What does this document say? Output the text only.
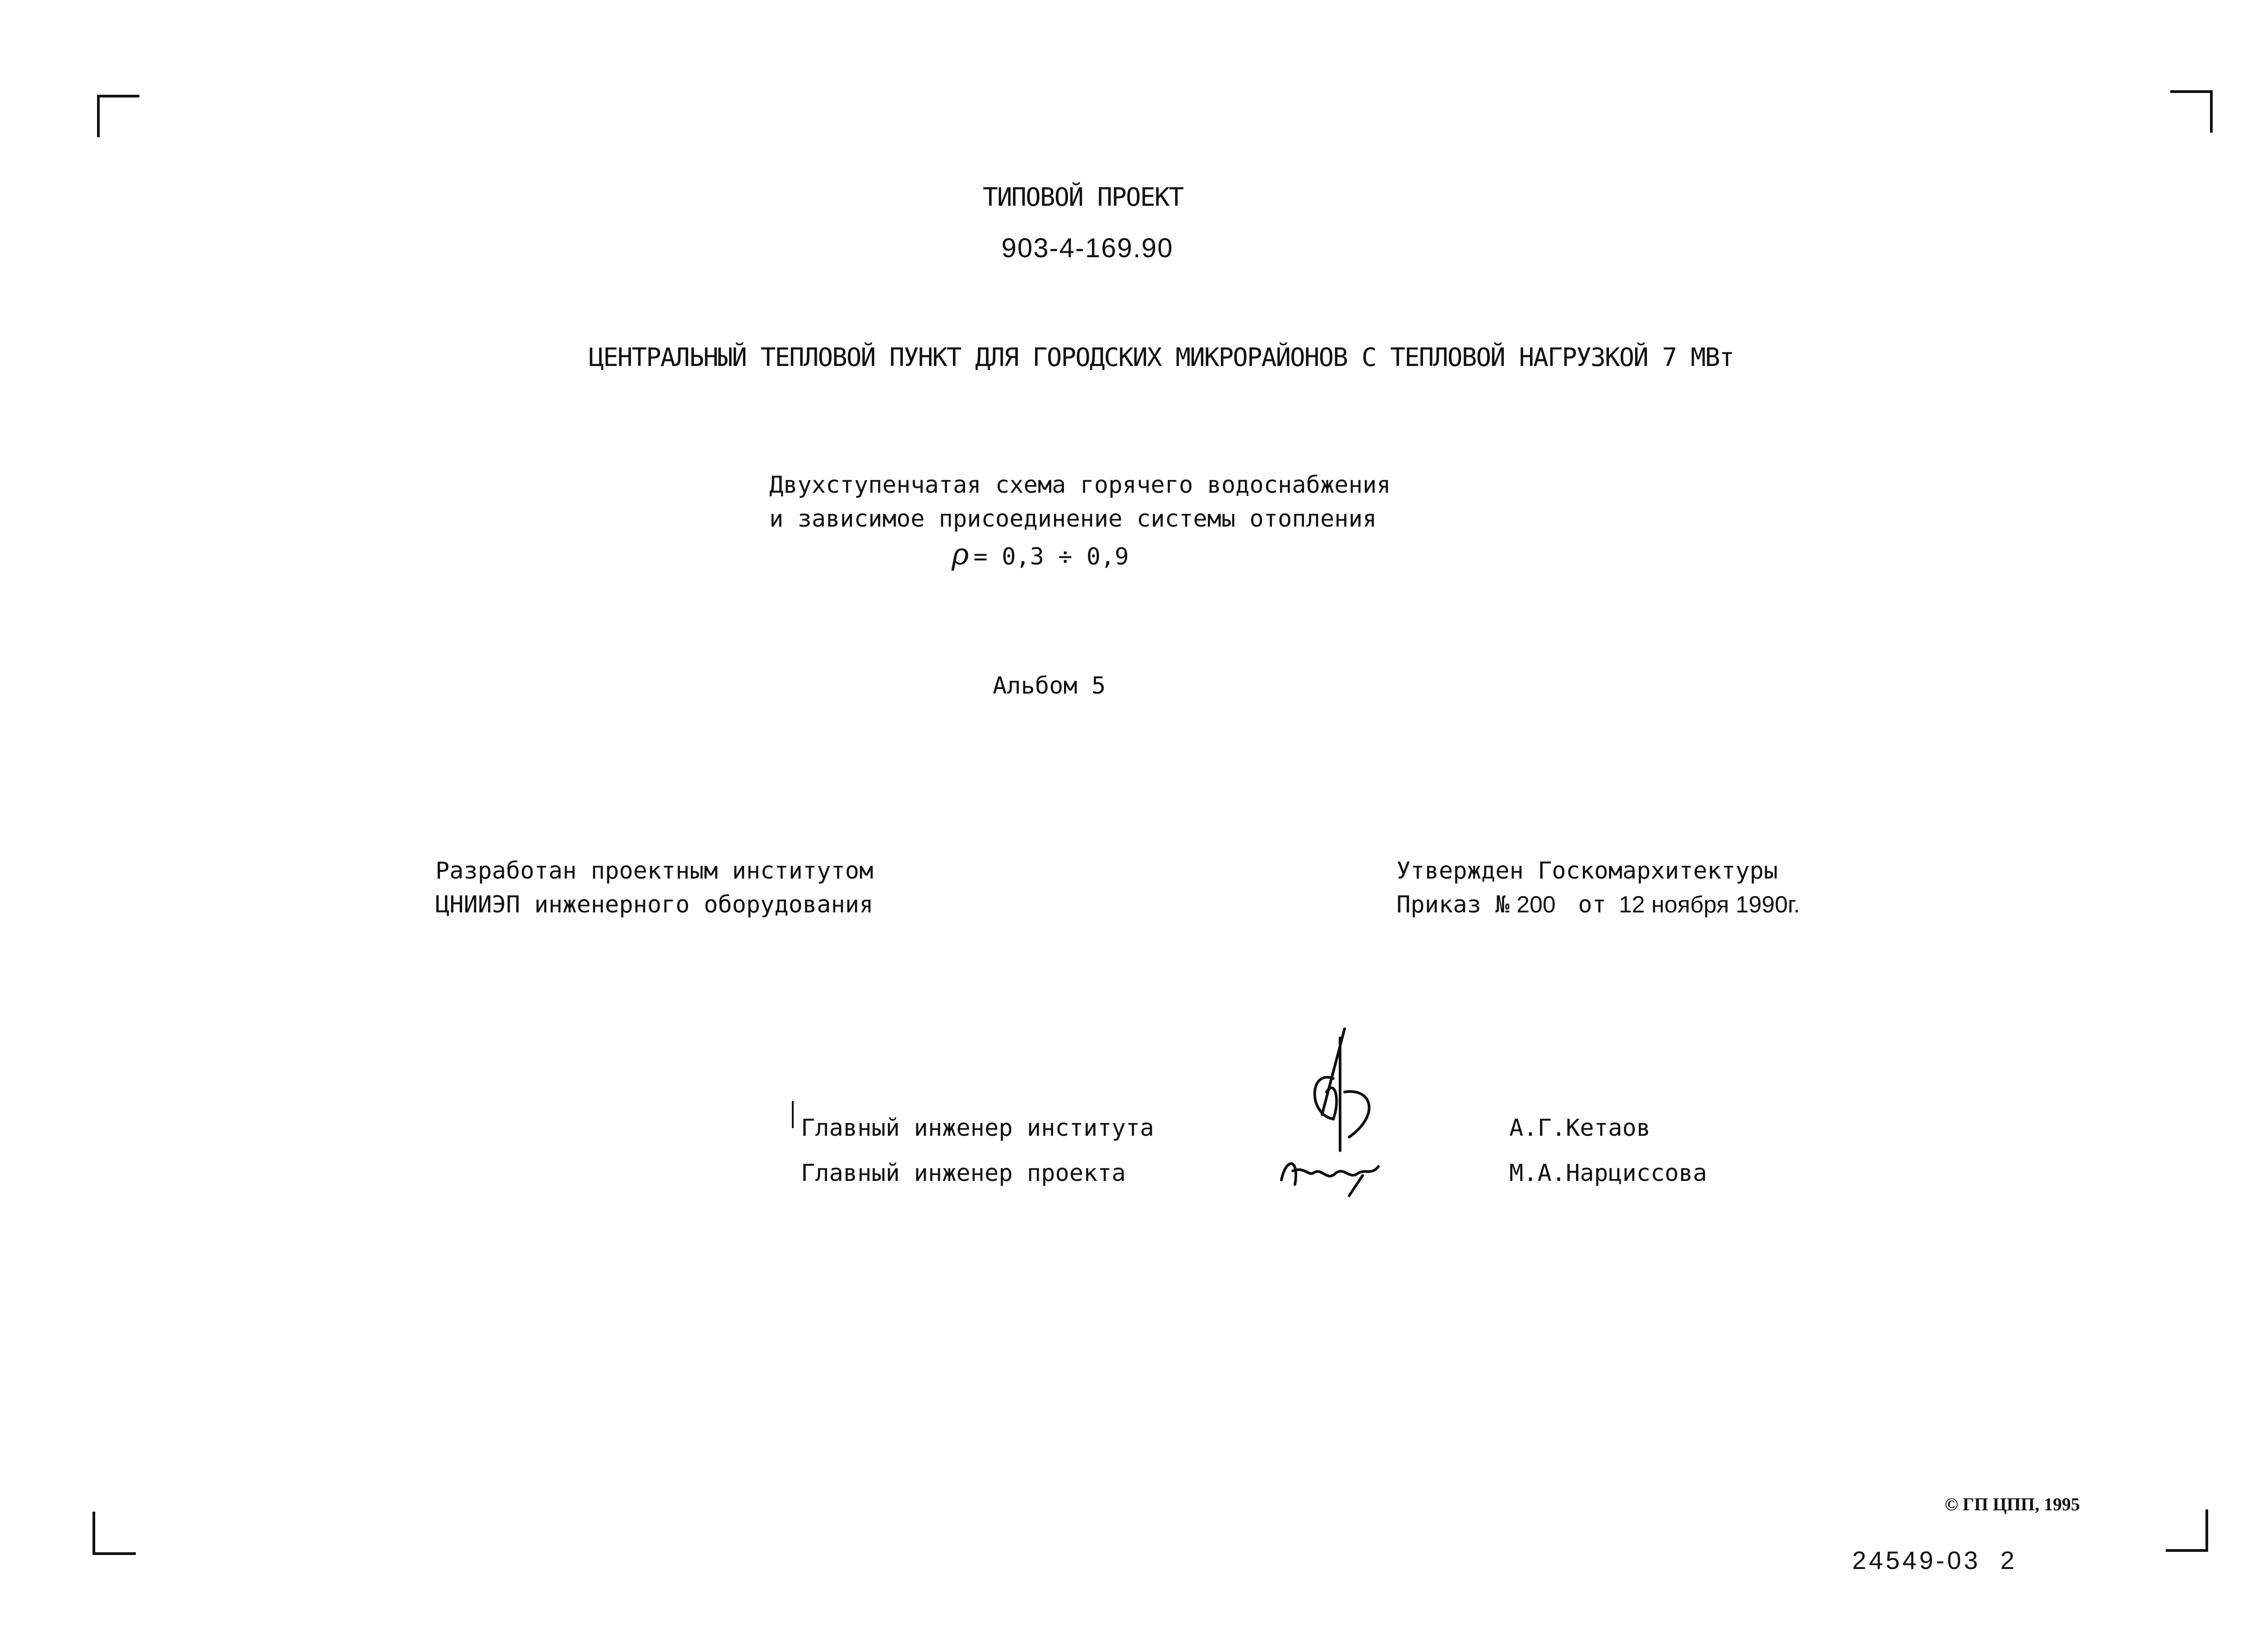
ТИПОВОЙ ПРОЕКТ
903-4-169.90
ЦЕНТРАЛЬНЫЙ ТЕПЛОВОЙ ПУНКТ ДЛЯ ГОРОДСКИХ МИКРОРАЙОНОВ С ТЕПЛОВОЙ НАГРУЗКОЙ 7 МВт
Двухступенчатая схема горячего водоснабжения
и зависимое присоединение системы отопления
ρ = 0,3 ÷ 0,9
Альбом 5
Разработан проектным институтом
ЦНИИЭП инженерного оборудования
Утвержден Госкомархитектуры
Приказ № 200 от 12 ноября 1990г.
Главный инженер института
Главный инженер проекта
А.Г.Кетаов
М.А.Нарциссова
© ГП ЦПП, 1995
24549-03 2
